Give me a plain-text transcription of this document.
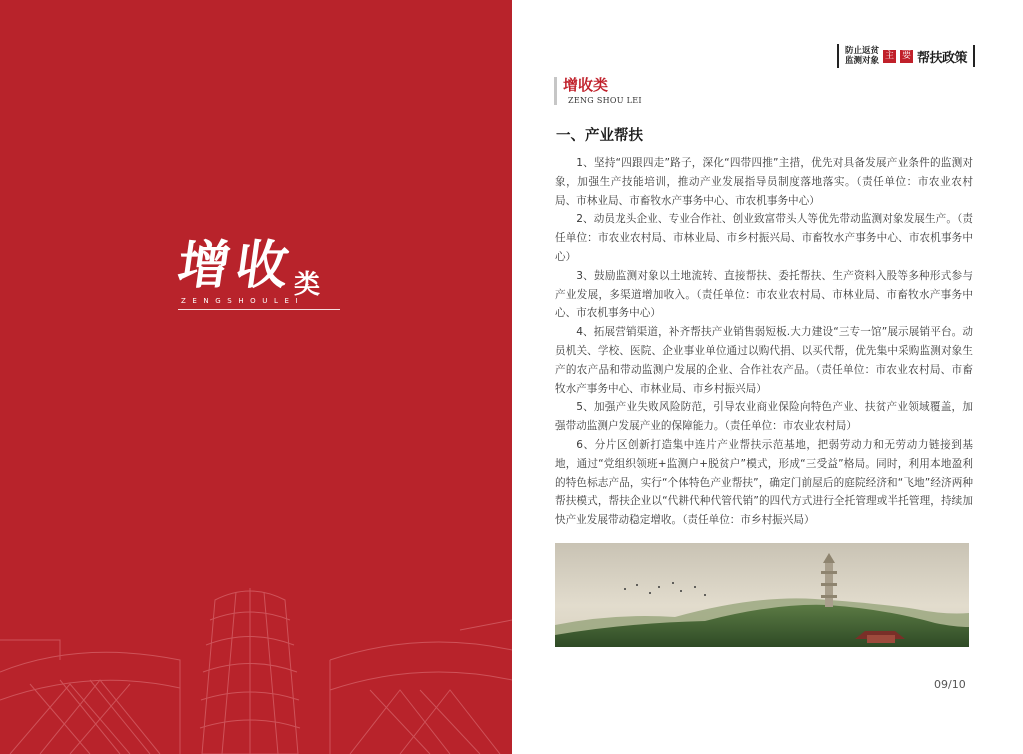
增收
类
ZENGSHOULEI
防止返贫
监测对象
主 要 帮扶政策
增收类
ZENG SHOU LEI
一、产业帮扶

1、坚持“四跟四走”路子，深化“四带四推”主措，优先对具备发展产业条件的监测对象，加强生产技能培训，推动产业发展指导员制度落地落实。（责任单位：市农业农村局、市林业局、市畜牧水产事务中心、市农机事务中心）

2、动员龙头企业、专业合作社、创业致富带头人等优先带动监测对象发展生产。（责任单位：市农业农村局、市林业局、市乡村振兴局、市畜牧水产事务中心、市农机事务中心）

3、鼓励监测对象以土地流转、直接帮扶、委托帮扶、生产资料入股等多种形式参与产业发展，多渠道增加收入。（责任单位：市农业农村局、市林业局、市畜牧水产事务中心、市农机事务中心）

4、拓展营销渠道，补齐帮扶产业销售弱短板.大力建设“三专一馆”展示展销平台。动员机关、学校、医院、企业事业单位通过以购代捐、以买代帮，优先集中采购监测对象生产的农产品和带动监测户发展的企业、合作社农产品。（责任单位：市农业农村局、市畜牧水产事务中心、市林业局、市乡村振兴局）

5、加强产业失败风险防范，引导农业商业保险向特色产业、扶贫产业领域覆盖，加强带动监测户发展产业的保障能力。（责任单位：市农业农村局）

6、分片区创新打造集中连片产业帮扶示范基地，把弱劳动力和无劳动力链接到基地，通过“党组织领班+监测户+脱贫户”模式，形成“三受益”格局。同时，利用本地盈利的特色标志产品，实行“个体特色产业帮扶”，确定门前屋后的庭院经济和“飞地”经济两种帮扶模式，帮扶企业以“代耕代种代管代销”的四代方式进行全托管理或半托管理，持续加快产业发展带动稳定增收。（责任单位：市乡村振兴局）

09/10
